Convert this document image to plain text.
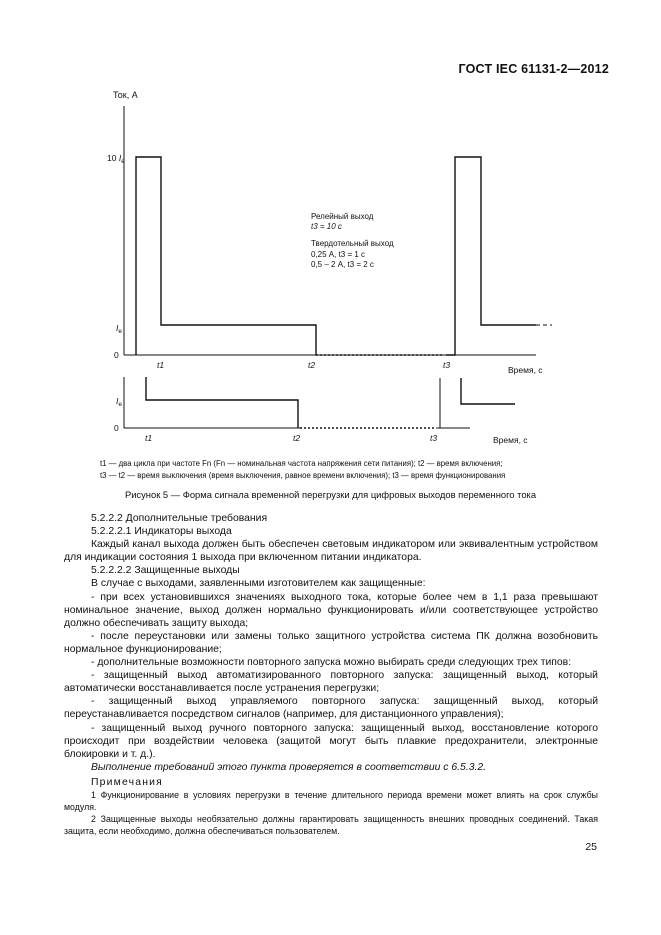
ГОСТ IEC 61131-2—2012
Ток, А
10 $I_e$
$I_e$
0
Релейный выход
t3 = 10 с
Твердотельный выход
0,25 А, t3 = 1 с
0,5 – 2 А, t3 = 2 с
t1	t2	t3	Время, с
$I_e$
0
t1	t2	t3	Время, с
t1 — два цикла при частоте Fn (Fn — номинальная частота напряжения сети питания); t2 — время включения;
t3 — t2 — время выключения (время выключения, равное времени включения); t3 — время функционирования
Рисунок 5 — Форма сигнала временной перегрузки для цифровых выходов переменного тока

5.2.2.2 Дополнительные требования

5.2.2.2.1 Индикаторы выхода

Каждый канал выхода должен быть обеспечен световым индикатором или эквивалентным устройством для индикации состояния 1 выхода при включенном питании индикатора.

5.2.2.2.2 Защищенные выходы

В случае с выходами, заявленными изготовителем как защищенные:

- при всех установившихся значениях выходного тока, которые более чем в 1,1 раза превышают номинальное значение, выход должен нормально функционировать и/или соответствующее устройство должно обеспечивать защиту выхода;

- после переустановки или замены только защитного устройства система ПК должна возобновить нормальное функционирование;

- дополнительные возможности повторного запуска можно выбирать среди следующих трех типов:

- защищенный выход автоматизированного повторного запуска: защищенный выход, который автоматически восстанавливается после устранения перегрузки;

- защищенный выход управляемого повторного запуска: защищенный выход, который переустанавливается посредством сигналов (например, для дистанционного управления);

- защищенный выход ручного повторного запуска: защищенный выход, восстановление которого происходит при воздействии человека (защитой могут быть плавкие предохранители, электронные блокировки и т. д.).

Выполнение требований этого пункта проверяется в соответствии с 6.5.3.2.

Примечания

1 Функционирование в условиях перегрузки в течение длительного периода времени может влиять на срок службы модуля.

2 Защищенные выходы необязательно должны гарантировать защищенность внешних проводных соединений. Такая защита, если необходимо, должна обеспечиваться пользователем.

25
